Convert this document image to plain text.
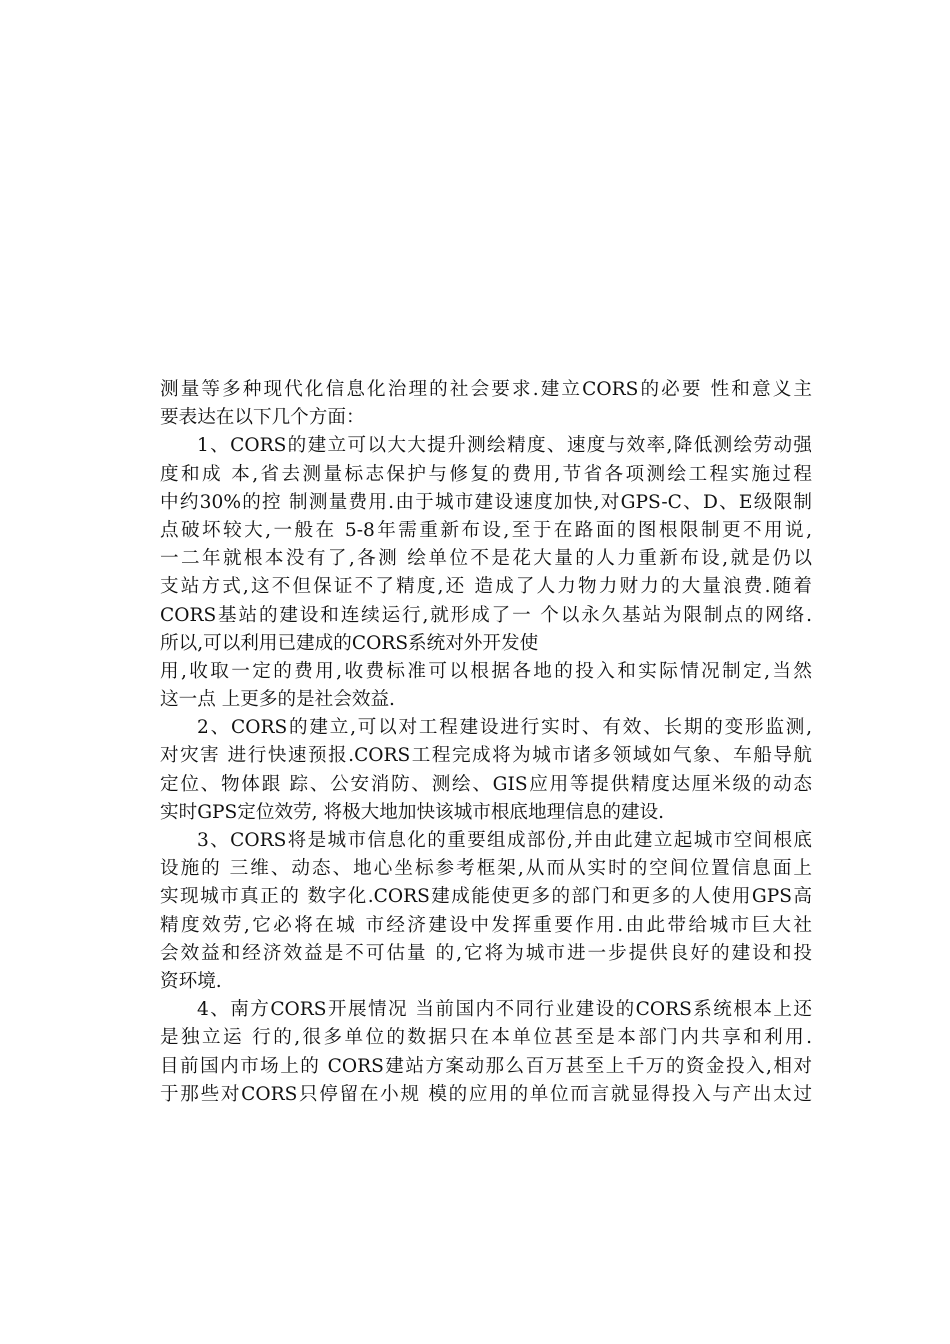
测量等多种现代化信息化治理的社会要求.建立CORS的必要 性和意义主
要表达在以下几个方面：
1、CORS的建立可以大大提升测绘精度、速度与效率,降低测绘劳动强
度和成 本,省去测量标志保护与修复的费用,节省各项测绘工程实施过程
中约30%的控 制测量费用.由于城市建设速度加快,对GPS-C、D、E级限制
点破坏较大,一般在 5-8年需重新布设,至于在路面的图根限制更不用说,
一二年就根本没有了,各测 绘单位不是花大量的人力重新布设,就是仍以
支站方式,这不但保证不了精度,还 造成了人力物力财力的大量浪费.随着
CORS基站的建设和连续运行,就形成了一 个以永久基站为限制点的网络.
所以,可以利用已建成的CORS系统对外开发使
用,收取一定的费用,收费标准可以根据各地的投入和实际情况制定,当然
这一点 上更多的是社会效益.
2、CORS的建立,可以对工程建设进行实时、有效、长期的变形监测,
对灾害 进行快速预报.CORS工程完成将为城市诸多领域如气象、车船导航
定位、物体跟 踪、公安消防、测绘、GIS应用等提供精度达厘米级的动态
实时GPS定位效劳, 将极大地加快该城市根底地理信息的建设.
3、CORS将是城市信息化的重要组成部份,并由此建立起城市空间根底
设施的 三维、动态、地心坐标参考框架,从而从实时的空间位置信息面上
实现城市真正的 数字化.CORS建成能使更多的部门和更多的人使用GPS高
精度效劳,它必将在城 市经济建设中发挥重要作用.由此带给城市巨大社
会效益和经济效益是不可估量 的,它将为城市进一步提供良好的建设和投
资环境.
4、南方CORS开展情况 当前国内不同行业建设的CORS系统根本上还
是独立运 行的,很多单位的数据只在本单位甚至是本部门内共享和利用.
目前国内市场上的 CORS建站方案动那么百万甚至上千万的资金投入,相对
于那些对CORS只停留在小规 模的应用的单位而言就显得投入与产出太过
